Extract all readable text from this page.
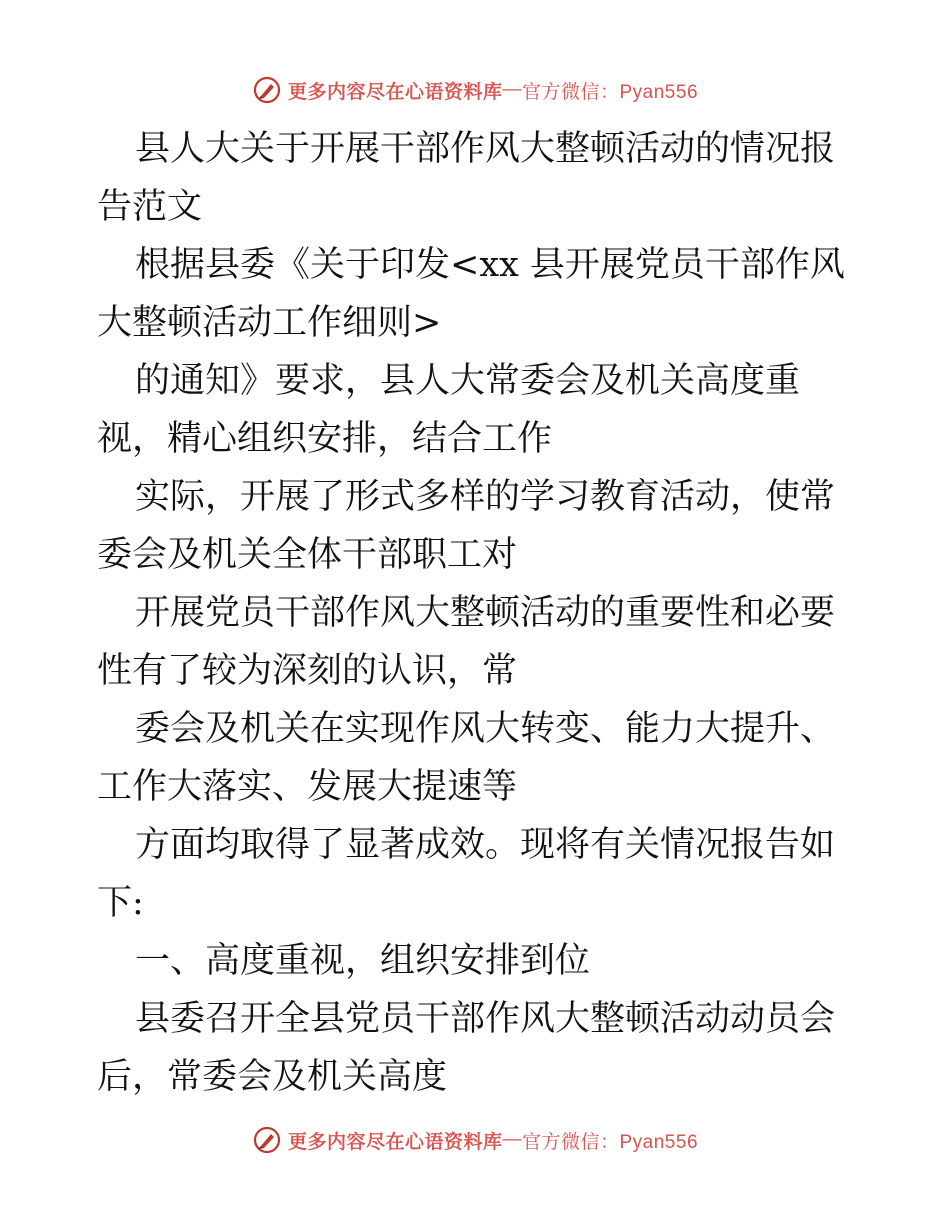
更多内容尽在心语资料库 — 官方微信：Pyan556

县人大关于开展干部作风大整顿活动的情况报告范文

根据县委《关于印发<xx 县开展党员干部作风大整顿活动工作细则>

的通知》要求，县人大常委会及机关高度重视，精心组织安排，结合工作

实际，开展了形式多样的学习教育活动，使常委会及机关全体干部职工对

开展党员干部作风大整顿活动的重要性和必要性有了较为深刻的认识，常

委会及机关在实现作风大转变、能力大提升、工作大落实、发展大提速等

方面均取得了显著成效。现将有关情况报告如下:

一、高度重视，组织安排到位

县委召开全县党员干部作风大整顿活动动员会后，常委会及机关高度

更多内容尽在心语资料库 — 官方微信：Pyan556
